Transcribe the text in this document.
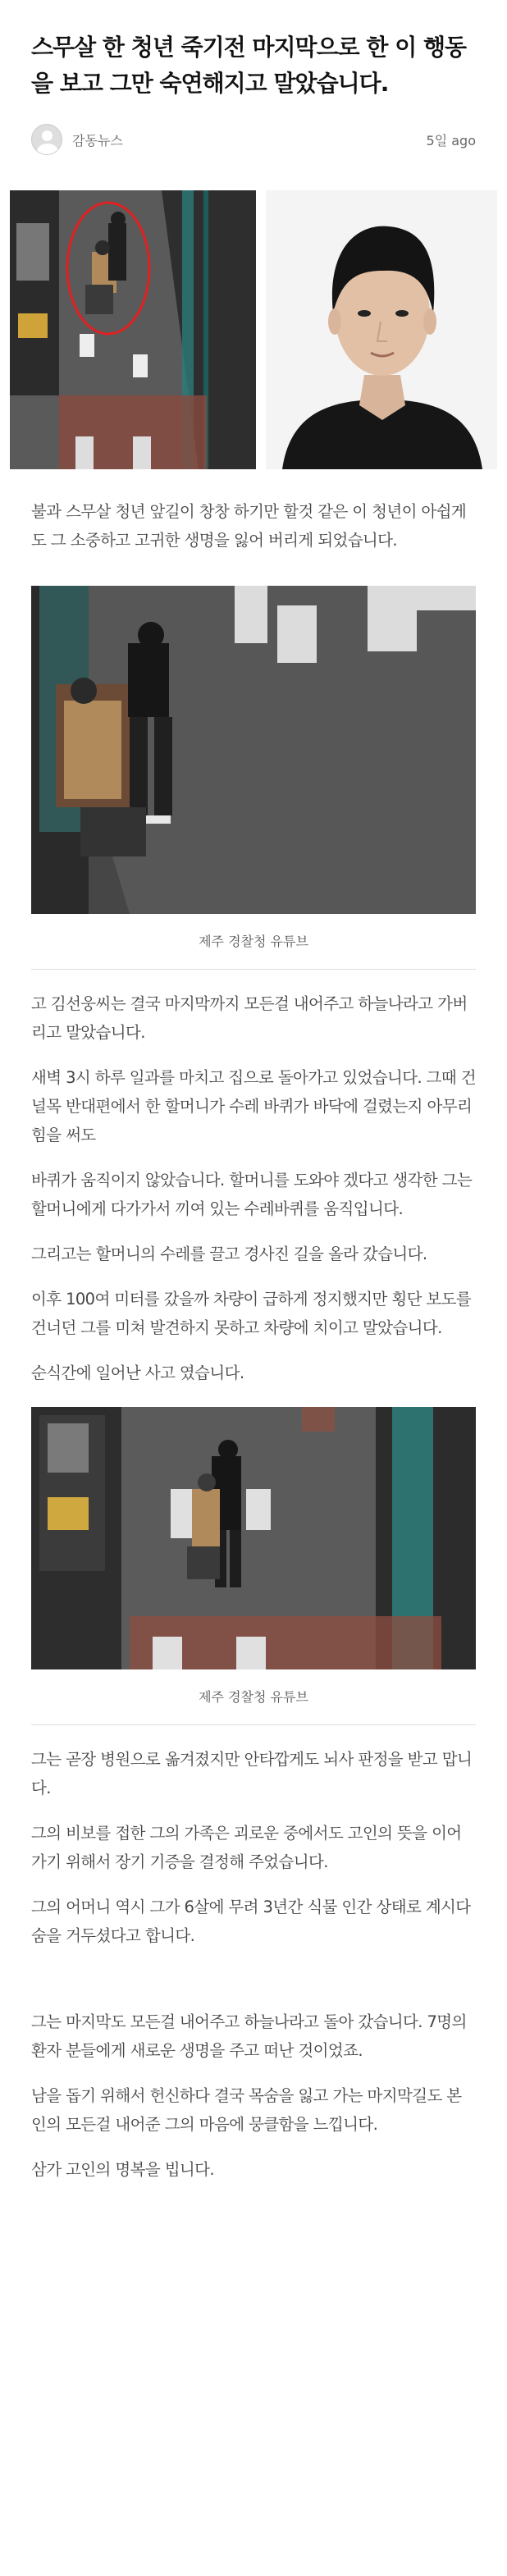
스무살 한 청년 죽기전 마지막으로 한 이 행동을 보고 그만 숙연해지고 말았습니다.
감동뉴스	5일 ago

불과 스무살 청년 앞길이 창창 하기만 할것 같은 이 청년이 아쉽게도 그 소중하고 고귀한 생명을 잃어 버리게 되었습니다.

제주 경찰청 유튜브

고 김선웅씨는 결국 마지막까지 모든걸 내어주고 하늘나라고 가버리고 말았습니다.

새벽 3시 하루 일과를 마치고 집으로 돌아가고 있었습니다. 그때 건널목 반대편에서 한 할머니가 수레 바퀴가 바닥에 걸렸는지 아무리 힘을 써도

바퀴가 움직이지 않았습니다. 할머니를 도와야 겠다고 생각한 그는 할머니에게 다가가서 끼여 있는 수레바퀴를 움직입니다.

그리고는 할머니의 수레를 끌고 경사진 길을 올라 갔습니다.

이후 100여 미터를 갔을까 차량이 급하게 정지했지만 횡단 보도를 건너던 그를 미쳐 발견하지 못하고 차량에 치이고 말았습니다.

순식간에 일어난 사고 였습니다.

제주 경찰청 유튜브

그는 곧장 병원으로 옮겨졌지만 안타깝게도 뇌사 판정을 받고 맙니다.

그의 비보를 접한 그의 가족은 괴로운 중에서도 고인의 뜻을 이어가기 위해서 장기 기증을 결정해 주었습니다.

그의 어머니 역시 그가 6살에 무려 3년간 식물 인간 상태로 계시다 숨을 거두셨다고 합니다.

그는 마지막도 모든걸 내어주고 하늘나라고 돌아 갔습니다. 7명의 환자 분들에게 새로운 생명을 주고 떠난 것이었죠.

남을 돕기 위해서 헌신하다 결국 목숨을 잃고 가는 마지막길도 본인의 모든걸 내어준 그의 마음에 뭉클함을 느낍니다.

삼가 고인의 명복을 빕니다.
